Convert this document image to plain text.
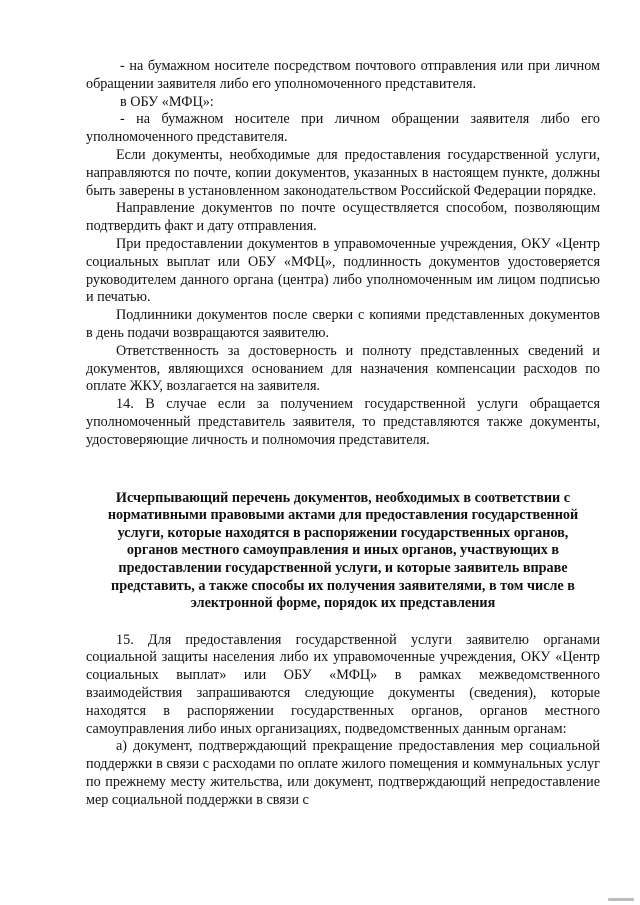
- на бумажном носителе посредством почтового отправления или при личном обращении заявителя либо его уполномоченного представителя.

в ОБУ «МФЦ»:

- на бумажном носителе при личном обращении заявителя либо его уполномоченного представителя.

Если документы, необходимые для предоставления государственной услуги, направляются по почте, копии документов, указанных в настоящем пункте, должны быть заверены в установленном законодательством Российской Федерации порядке.

Направление документов по почте осуществляется способом, позволяющим подтвердить факт и дату отправления.

При предоставлении документов в управомоченные учреждения, ОКУ «Центр социальных выплат или ОБУ «МФЦ», подлинность документов удостоверяется руководителем данного органа (центра) либо уполномоченным им лицом подписью и печатью.

Подлинники документов после сверки с копиями представленных документов в день подачи возвращаются заявителю.

Ответственность за достоверность и полноту представленных сведений и документов, являющихся основанием для назначения компенсации расходов по оплате ЖКУ, возлагается на заявителя.

14. В случае если за получением государственной услуги обращается уполномоченный представитель заявителя, то представляются также документы, удостоверяющие личность и полномочия представителя.

Исчерпывающий перечень документов, необходимых в соответствии с нормативными правовыми актами для предоставления государственной услуги, которые находятся в распоряжении государственных органов, органов местного самоуправления и иных органов, участвующих в предоставлении государственной услуги, и которые заявитель вправе представить, а также способы их получения заявителями, в том числе в электронной форме, порядок их представления

15. Для предоставления государственной услуги заявителю органами социальной защиты населения либо их управомоченные учреждения, ОКУ «Центр социальных выплат» или ОБУ «МФЦ» в рамках межведомственного взаимодействия запрашиваются следующие документы (сведения), которые находятся в распоряжении государственных органов, органов местного самоуправления либо иных организациях, подведомственных данным органам:

а) документ, подтверждающий прекращение предоставления мер социальной поддержки в связи с расходами по оплате жилого помещения и коммунальных услуг по прежнему месту жительства, или документ, подтверждающий непредоставление мер социальной поддержки в связи с
